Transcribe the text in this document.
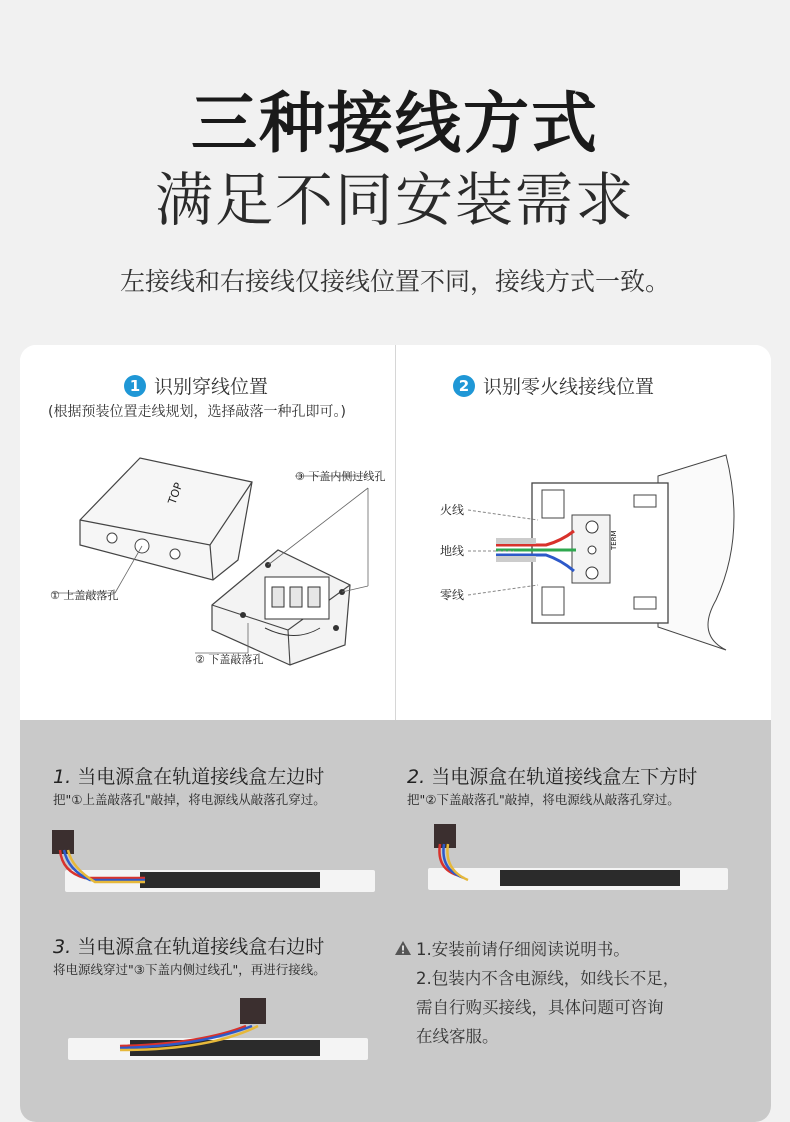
三种接线方式
满足不同安装需求
左接线和右接线仅接线位置不同，接线方式一致。
1 识别穿线位置
(根据预装位置走线规划，选择敲落一种孔即可。)
2 识别零火线接线位置
TOP
① 上盖敲落孔
② 下盖敲落孔
③ 下盖内侧过线孔
TERM
火线
地线
零线
1. 当电源盒在轨道接线盒左边时
把"①上盖敲落孔"敲掉，将电源线从敲落孔穿过。
2. 当电源盒在轨道接线盒左下方时
把"②下盖敲落孔"敲掉，将电源线从敲落孔穿过。
3. 当电源盒在轨道接线盒右边时
将电源线穿过"③下盖内侧过线孔"，再进行接线。
1.安装前请仔细阅读说明书。
2.包装内不含电源线，如线长不足，
需自行购买接线，具体问题可咨询
在线客服。
